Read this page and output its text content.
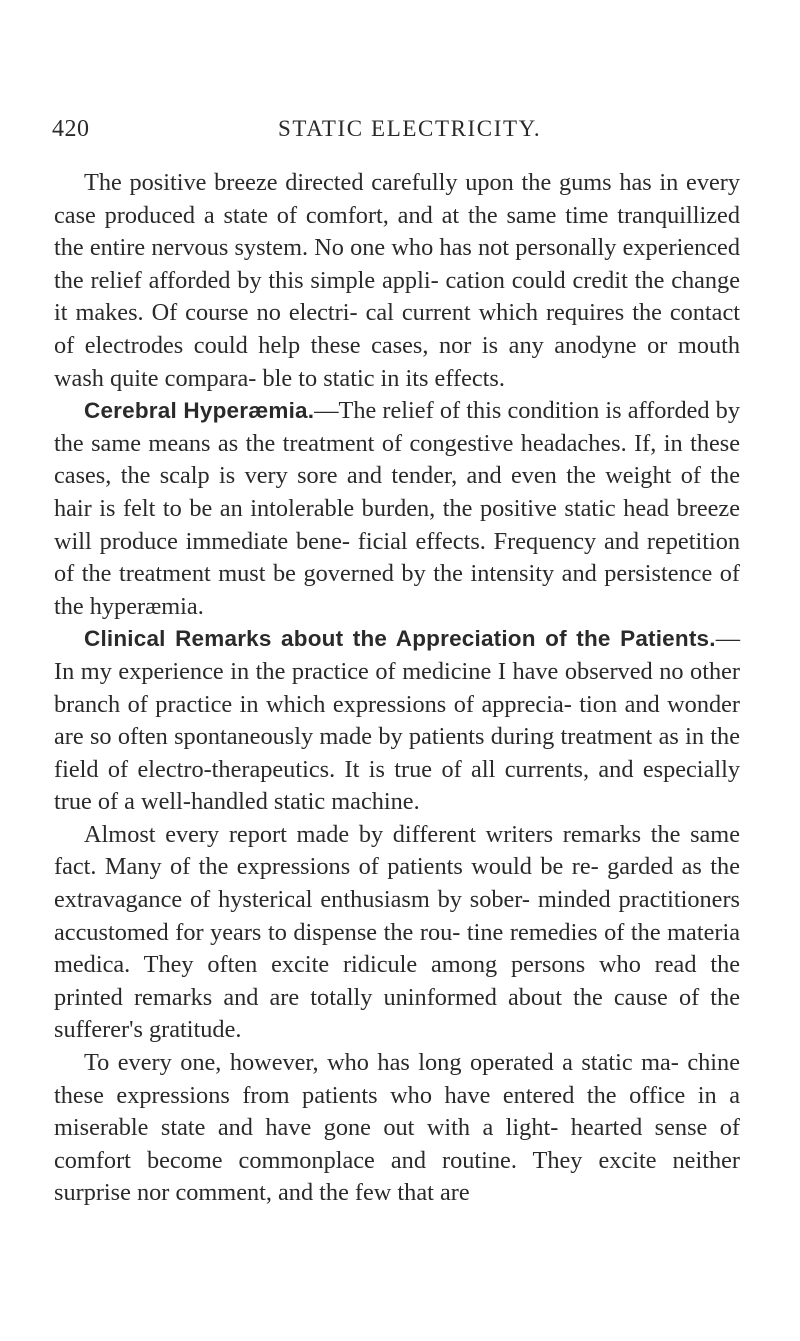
420	STATIC ELECTRICITY.

The positive breeze directed carefully upon the gums has in every case produced a state of comfort, and at the same time tranquillized the entire nervous system. No one who has not personally experienced the relief afforded by this simple appli- cation could credit the change it makes. Of course no electri- cal current which requires the contact of electrodes could help these cases, nor is any anodyne or mouth wash quite compara- ble to static in its effects.

Cerebral Hyperæmia.—The relief of this condition is afforded by the same means as the treatment of congestive headaches. If, in these cases, the scalp is very sore and tender, and even the weight of the hair is felt to be an intolerable burden, the positive static head breeze will produce immediate bene- ficial effects. Frequency and repetition of the treatment must be governed by the intensity and persistence of the hyperæmia.

Clinical Remarks about the Appreciation of the Patients.— In my experience in the practice of medicine I have observed no other branch of practice in which expressions of apprecia- tion and wonder are so often spontaneously made by patients during treatment as in the field of electro-therapeutics. It is true of all currents, and especially true of a well-handled static machine.

Almost every report made by different writers remarks the same fact. Many of the expressions of patients would be re- garded as the extravagance of hysterical enthusiasm by sober- minded practitioners accustomed for years to dispense the rou- tine remedies of the materia medica. They often excite ridicule among persons who read the printed remarks and are totally uninformed about the cause of the sufferer's gratitude.

To every one, however, who has long operated a static ma- chine these expressions from patients who have entered the office in a miserable state and have gone out with a light- hearted sense of comfort become commonplace and routine. They excite neither surprise nor comment, and the few that are
